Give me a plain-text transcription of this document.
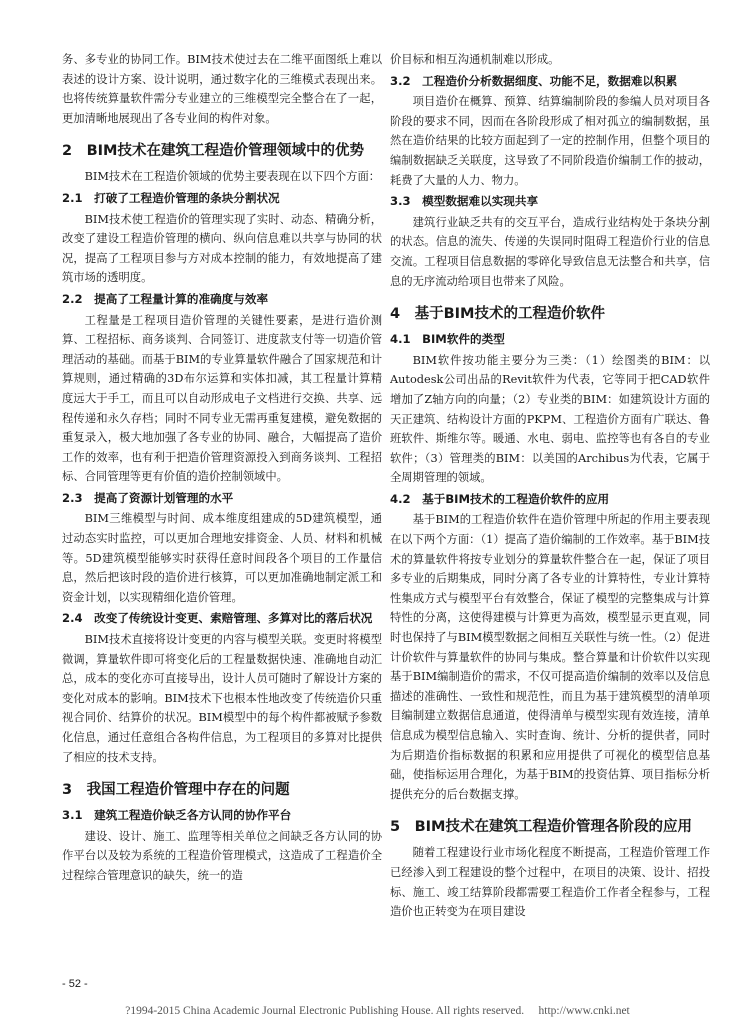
务、多专业的协同工作。BIM技术使过去在二维平面图纸上难以表述的设计方案、设计说明，通过数字化的三维模式表现出来。也将传统算量软件需分专业建立的三维模型完全整合在了一起，更加清晰地展现出了各专业间的构件对象。

2　BIM技术在建筑工程造价管理领域中的优势

BIM技术在工程造价领域的优势主要表现在以下四个方面：

2.1　打破了工程造价管理的条块分割状况

BIM技术使工程造价的管理实现了实时、动态、精确分析，改变了建设工程造价管理的横向、纵向信息难以共享与协同的状况，提高了工程项目参与方对成本控制的能力，有效地提高了建筑市场的透明度。

2.2　提高了工程量计算的准确度与效率

工程量是工程项目造价管理的关键性要素，是进行造价测算、工程招标、商务谈判、合同签订、进度款支付等一切造价管理活动的基础。而基于BIM的专业算量软件融合了国家规范和计算规则，通过精确的3D布尔运算和实体扣减，其工程量计算精度远大于手工，而且可以自动形成电子文档进行交换、共享、远程传递和永久存档；同时不同专业无需再重复建模，避免数据的重复录入，极大地加强了各专业的协同、融合，大幅提高了造价工作的效率，也有利于把造价管理资源投入到商务谈判、工程招标、合同管理等更有价值的造价控制领域中。

2.3　提高了资源计划管理的水平

BIM三维模型与时间、成本维度组建成的5D建筑模型，通过动态实时监控，可以更加合理地安排资金、人员、材料和机械等。5D建筑模型能够实时获得任意时间段各个项目的工作量信息，然后把该时段的造价进行核算，可以更加准确地制定派工和资金计划，以实现精细化造价管理。

2.4　改变了传统设计变更、索赔管理、多算对比的落后状况

BIM技术直接将设计变更的内容与模型关联。变更时将模型微调，算量软件即可将变化后的工程量数据快速、准确地自动汇总，成本的变化亦可直接导出，设计人员可随时了解设计方案的变化对成本的影响。BIM技术下也根本性地改变了传统造价只重视合同价、结算价的状况。BIM模型中的每个构件都被赋予参数化信息，通过任意组合各构件信息，为工程项目的多算对比提供了相应的技术支持。

3　我国工程造价管理中存在的问题
3.1　建筑工程造价缺乏各方认同的协作平台

建设、设计、施工、监理等相关单位之间缺乏各方认同的协作平台以及较为系统的工程造价管理模式，这造成了工程造价全过程综合管理意识的缺失，统一的造

价目标和相互沟通机制难以形成。

3.2　工程造价分析数据细度、功能不足，数据难以积累

项目造价在概算、预算、结算编制阶段的参编人员对项目各阶段的要求不同，因而在各阶段形成了相对孤立的编制数据，虽然在造价结果的比较方面起到了一定的控制作用，但整个项目的编制数据缺乏关联度，这导致了不同阶段造价编制工作的披动，耗费了大量的人力、物力。

3.3　模型数据难以实现共享

建筑行业缺乏共有的交互平台，造成行业结构处于条块分割的状态。信息的流失、传递的失误同时阻碍工程造价行业的信息交流。工程项目信息数据的零碎化导致信息无法整合和共享，信息的无序流动给项目也带来了风险。

4　基于BIM技术的工程造价软件
4.1　BIM软件的类型

BIM软件按功能主要分为三类：（1）绘图类的BIM：以Autodesk公司出品的Revit软件为代表，它等同于把CAD软件增加了Z轴方向的向量；（2）专业类的BIM：如建筑设计方面的天正建筑、结构设计方面的PKPM、工程造价方面有广联达、鲁班软件、斯维尔等。暖通、水电、弱电、监控等也有各自的专业软件；（3）管理类的BIM：以美国的Archibus为代表，它属于全周期管理的领域。

4.2　基于BIM技术的工程造价软件的应用

基于BIM的工程造价软件在造价管理中所起的作用主要表现在以下两个方面：（1）提高了造价编制的工作效率。基于BIM技术的算量软件将按专业划分的算量软件整合在一起，保证了项目多专业的后期集成，同时分离了各专业的计算特性，专业计算特性集成方式与模型平台有效整合，保证了模型的完整集成与计算特性的分离，这使得建模与计算更为高效，模型显示更直观，同时也保持了与BIM模型数据之间相互关联性与统一性。（2）促进计价软件与算量软件的协同与集成。整合算量和计价软件以实现基于BIM编制造价的需求，不仅可提高造价编制的效率以及信息描述的准确性、一致性和规范性，而且为基于建筑模型的清单项目编制建立数据信息通道，使得清单与模型实现有效连接，清单信息成为模型信息输入、实时查询、统计、分析的提供者，同时为后期造价指标数据的积累和应用提供了可视化的模型信息基础，使指标运用合理化，为基于BIM的投资估算、项目指标分析提供充分的后台数据支撑。

5　BIM技术在建筑工程造价管理各阶段的应用

随着工程建设行业市场化程度不断提高，工程造价管理工作已经渗入到工程建设的整个过程中，在项目的决策、设计、招投标、施工、竣工结算阶段都需要工程造价工作者全程参与，工程造价也正转变为在项目建设

- 52 -
?1994-2015 China Academic Journal Electronic Publishing House. All rights reserved.　 http://www.cnki.net
